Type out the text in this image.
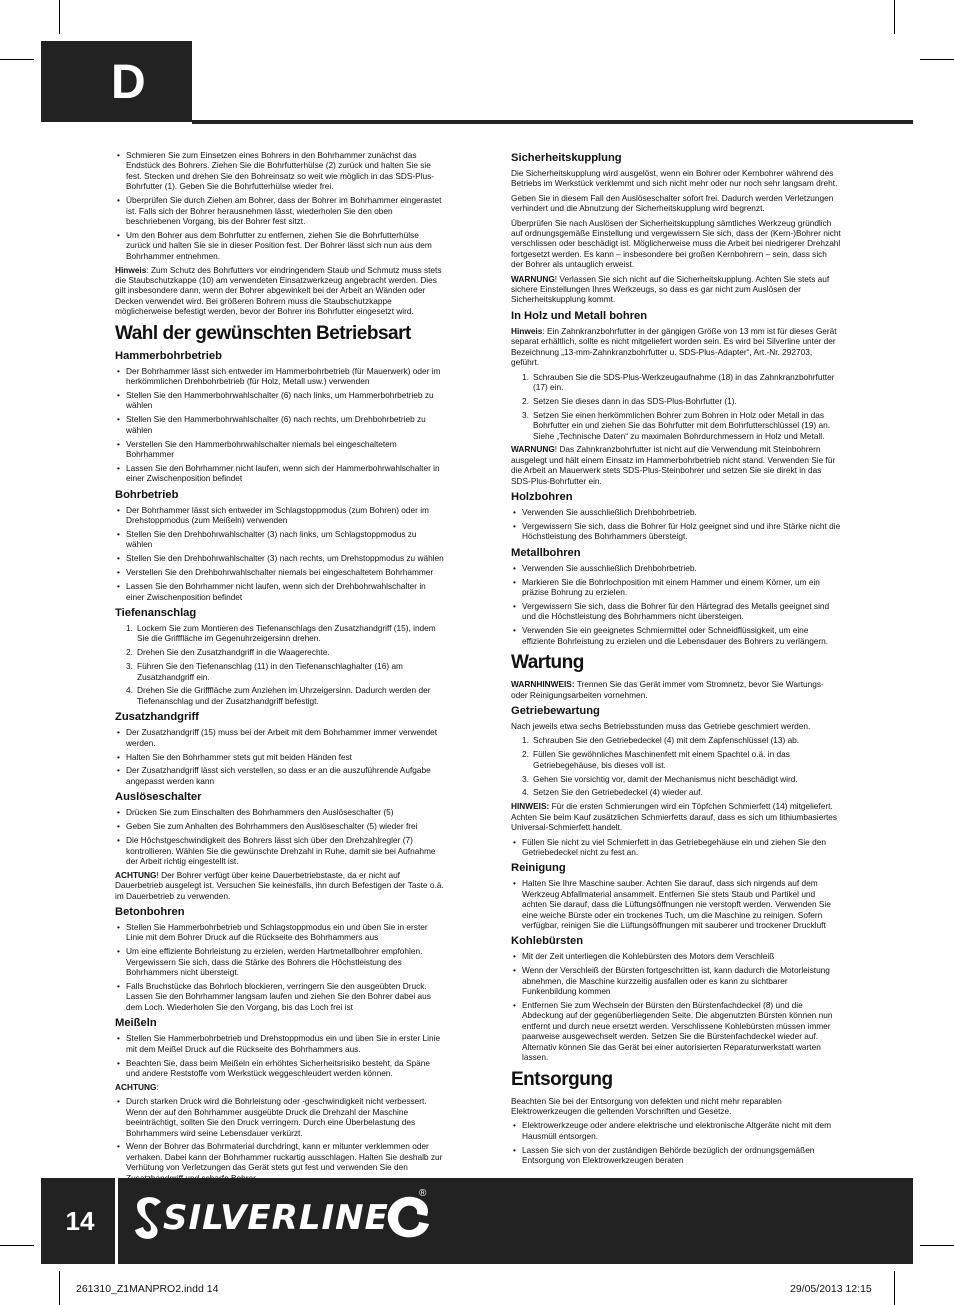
D
• Schmieren Sie zum Einsetzen eines Bohrers in den Bohrhammer zunächst das Endstück des Bohrers. Ziehen Sie die Bohrfutterhülse (2) zurück und halten Sie sie fest. Stecken und drehen Sie den Bohreinsatz so weit wie möglich in das SDS-Plus-Bohrfutter (1). Geben Sie die Bohrfutterhülse wieder frei.
• Überprüfen Sie durch Ziehen am Bohrer, dass der Bohrer im Bohrhammer eingerastet ist. Falls sich der Bohrer herausnehmen lässt, wiederholen Sie den oben beschriebenen Vorgang, bis der Bohrer fest sitzt.
• Um den Bohrer aus dem Bohrfutter zu entfernen, ziehen Sie die Bohrfutterhülse zurück und halten Sie sie in dieser Position fest. Der Bohrer lässt sich nun aus dem Bohrhammer entnehmen.

Hinweis: Zum Schutz des Bohrfutters vor eindringendem Staub und Schmutz muss stets die Staubschutzkappe (10) am verwendeten Einsatzwerkzeug angebracht werden. Dies gilt insbesondere dann, wenn der Bohrer abgewinkelt bei der Arbeit an Wänden oder Decken verwendet wird. Bei größeren Bohrern muss die Staubschutzkappe möglicherweise befestigt werden, bevor der Bohrer ins Bohrfutter eingesetzt wird.

Wahl der gewünschten Betriebsart
Hammerbohrbetrieb
• Der Bohrhammer lässt sich entweder im Hammerbohrbetrieb (für Mauerwerk) oder im herkömmlichen Drehbohrbetrieb (für Holz, Metall usw.) verwenden
• Stellen Sie den Hammerbohrwahlschalter (6) nach links, um Hammerbohrbetrieb zu wählen
• Stellen Sie den Hammerbohrwahlschalter (6) nach rechts, um Drehbohrbetrieb zu wählen
• Verstellen Sie den Hammerbohrwahlschalter niemals bei eingeschaltetem Bohrhammer
• Lassen Sie den Bohrhammer nicht laufen, wenn sich der Hammerbohrwahlschalter in einer Zwischenposition befindet
Bohrbetrieb
• Der Bohrhammer lässt sich entweder im Schlagstoppmodus (zum Bohren) oder im Drehstoppmodus (zum Meißeln) verwenden
• Stellen Sie den Drehbohrwahlschalter (3) nach links, um Schlagstoppmodus zu wählen
• Stellen Sie den Drehbohrwahlschalter (3) nach rechts, um Drehstoppmodus zu wählen
• Verstellen Sie den Drehbohrwahlschalter niemals bei eingeschaltetem Bohrhammer
• Lassen Sie den Bohrhammer nicht laufen, wenn sich der Drehbohrwahlschalter in einer Zwischenposition befindet
Tiefenanschlag
1. Lockern Sie zum Montieren des Tiefenanschlags den Zusatzhandgriff (15), indem Sie die Grifffläche im Gegenuhrzeigersinn drehen.
2. Drehen Sie den Zusatzhandgriff in die Waagerechte.
3. Führen Sie den Tiefenanschlag (11) in den Tiefenanschlaghalter (16) am Zusatzhandgriff ein.
4. Drehen Sie die Grifffläche zum Anziehen im Uhrzeigersinn. Dadurch werden der Tiefenanschlag und der Zusatzhandgriff befestigt.
Zusatzhandgriff
• Der Zusatzhandgriff (15) muss bei der Arbeit mit dem Bohrhammer immer verwendet werden.
• Halten Sie den Bohrhammer stets gut mit beiden Händen fest
• Der Zusatzhandgriff lässt sich verstellen, so dass er an die auszuführende Aufgabe angepasst werden kann
Auslöseschalter
• Drücken Sie zum Einschalten des Bohrhammers den Auslöseschalter (5)
• Geben Sie zum Anhalten des Bohrhammers den Auslöseschalter (5) wieder frei
• Die Höchstgeschwindigkeit des Bohrers lässt sich über den Drehzahlregler (7) kontrollieren. Wählen Sie die gewünschte Drehzahl in Ruhe, damit sie bei Aufnahme der Arbeit richtig eingestellt ist.

ACHTUNG! Der Bohrer verfügt über keine Dauerbetriebstaste, da er nicht auf Dauerbetrieb ausgelegt ist. Versuchen Sie keinesfalls, ihn durch Befestigen der Taste o.ä. im Dauerbetrieb zu verwenden.

Betonbohren
• Stellen Sie Hammerbohrbetrieb und Schlagstoppmodus ein und üben Sie in erster Linie mit dem Bohrer Druck auf die Rückseite des Bohrhammers aus
• Um eine effiziente Bohrleistung zu erzielen, werden Hartmetallbohrer empfohlen. Vergewissern Sie sich, dass die Stärke des Bohrers die Höchstleistung des Bohrhammers nicht übersteigt.
• Falls Bruchstücke das Bohrloch blockieren, verringern Sie den ausgeübten Druck. Lassen Sie den Bohrhammer langsam laufen und ziehen Sie den Bohrer dabei aus dem Loch. Wiederholen Sie den Vorgang, bis das Loch frei ist
Meißeln
• Stellen Sie Hammerbohrbetrieb und Drehstoppmodus ein und üben Sie in erster Linie mit dem Meißel Druck auf die Rückseite des Bohrhammers aus.
• Beachten Sie, dass beim Meißeln ein erhöhtes Sicherheitsrisiko besteht, da Späne und andere Reststoffe vom Werkstück weggeschleudert werden können.

ACHTUNG:

• Durch starken Druck wird die Bohrleistung oder -geschwindigkeit nicht verbessert. Wenn der auf den Bohrhammer ausgeübte Druck die Drehzahl der Maschine beeinträchtigt, sollten Sie den Druck verringern. Durch eine Überbelastung des Bohrhammers wird seine Lebensdauer verkürzt.
• Wenn der Bohrer das Bohrmaterial durchdringt, kann er mitunter verklemmen oder verhaken. Dabei kann der Bohrhammer ruckartig ausschlagen. Halten Sie deshalb zur Verhütung von Verletzungen das Gerät stets gut fest und verwenden Sie den
Sicherheitskupplung

Die Sicherheitskupplung wird ausgelöst, wenn ein Bohrer oder Kernbohrer während des Betriebs im Werkstück verklemmt und sich nicht mehr oder nur noch sehr langsam dreht.

Geben Sie in diesem Fall den Auslöseschalter sofort frei. Dadurch werden Verletzungen verhindert und die Abnutzung der Sicherheitskupplung wird begrenzt.

Überprüfen Sie nach Auslösen der Sicherheitskupplung sämtliches Werkzeug gründlich auf ordnungsgemäße Einstellung und vergewissern Sie sich, dass der (Kern-)Bohrer nicht verschlissen oder beschädigt ist. Möglicherweise muss die Arbeit bei niedrigerer Drehzahl fortgesetzt werden. Es kann – insbesondere bei großen Kernbohrern – sein, dass sich der Bohrer als untauglich erweist.

WARNUNG! Verlassen Sie sich nicht auf die Sicherheitskupplung. Achten Sie stets auf sichere Einstellungen Ihres Werkzeugs, so dass es gar nicht zum Auslösen der Sicherheitskupplung kommt.

In Holz und Metall bohren

Hinweis: Ein Zahnkranzbohrfutter in der gängigen Größe von 13 mm ist für dieses Gerät separat erhältlich, sollte es nicht mitgeliefert worden sein. Es wird bei Silverline unter der Bezeichnung „13-mm-Zahnkranzbohrfutter u. SDS-Plus-Adapter“, Art.-Nr. 292703, geführt.

1. Schrauben Sie die SDS-Plus-Werkzeugaufnahme (18) in das Zahnkranzbohrfutter (17) ein.
2. Setzen Sie dieses dann in das SDS-Plus-Bohrfutter (1).
3. Setzen Sie einen herkömmlichen Bohrer zum Bohren in Holz oder Metall in das Bohrfutter ein und ziehen Sie das Bohrfutter mit dem Bohrfutterschlüssel (19) an. Siehe „Technische Daten“ zu maximalen Bohrdurchmessern in Holz und Metall.

WARNUNG! Das Zahnkranzbohrfutter ist nicht auf die Verwendung mit Steinbohrern ausgelegt und hält einem Einsatz im Hammerbohrbetrieb nicht stand. Verwenden Sie für die Arbeit an Mauerwerk stets SDS-Plus-Steinbohrer und setzen Sie sie direkt in das SDS-Plus-Bohrfutter ein.

Holzbohren
• Verwenden Sie ausschließlich Drehbohrbetrieb.
• Vergewissern Sie sich, dass die Bohrer für Holz geeignet sind und ihre Stärke nicht die Höchstleistung des Bohrhammers übersteigt.
Metallbohren
• Verwenden Sie ausschließlich Drehbohrbetrieb.
• Markieren Sie die Bohrlochposition mit einem Hammer und einem Körner, um ein präzise Bohrung zu erzielen.
• Vergewissern Sie sich, dass die Bohrer für den Härtegrad des Metalls geeignet sind und die Höchstleistung des Bohrhammers nicht übersteigen.
• Verwenden Sie ein geeignetes Schmiermittel oder Schneidflüssigkeit, um eine effiziente Bohrleistung zu erzielen und die Lebensdauer des Bohrers zu verlängern.
Wartung

WARNHINWEIS: Trennen Sie das Gerät immer vom Stromnetz, bevor Sie Wartungs- oder Reinigungsarbeiten vornehmen.

Getriebewartung

Nach jeweils etwa sechs Betriebsstunden muss das Getriebe geschmiert werden.

1. Schrauben Sie den Getriebedeckel (4) mit dem Zapfenschlüssel (13) ab.
2. Füllen Sie gewöhnliches Maschinenfett mit einem Spachtel o.ä. in das Getriebegehäuse, bis dieses voll ist.
3. Gehen Sie vorsichtig vor, damit der Mechanismus nicht beschädigt wird.
4. Setzen Sie den Getriebedeckel (4) wieder auf.

HINWEIS: Für die ersten Schmierungen wird ein Töpfchen Schmierfett (14) mitgeliefert. Achten Sie beim Kauf zusätzlichen Schmierfetts darauf, dass es sich um lithiumbasiertes Universal-Schmierfett handelt.

• Füllen Sie nicht zu viel Schmierfett in das Getriebegehäuse ein und ziehen Sie den Getriebedeckel nicht zu fest an.
Reinigung
• Halten Sie Ihre Maschine sauber. Achten Sie darauf, dass sich nirgends auf dem Werkzeug Abfallmaterial ansammelt. Entfernen Sie stets Staub und Partikel und achten Sie darauf, dass die Lüftungsöffnungen nie verstopft werden. Verwenden Sie eine weiche Bürste oder ein trockenes Tuch, um die Maschine zu reinigen. Sofern verfügbar, reinigen Sie die Lüftungsöffnungen mit sauberer und trockener Druckluft
Kohlebürsten
• Mit der Zeit unterliegen die Kohlebürsten des Motors dem Verschleiß
• Wenn der Verschleiß der Bürsten fortgeschritten ist, kann dadurch die Motorleistung abnehmen, die Maschine kurzzeitig ausfallen oder es kann zu sichtbarer Funkenbildung kommen
• Entfernen Sie zum Wechseln der Bürsten den Bürstenfachdeckel (8) und die Abdeckung auf der gegenüberliegenden Seite. Die abgenutzten Bürsten können nun entfernt und durch neue ersetzt werden. Verschlissene Kohlebürsten müssen immer paarweise ausgewechselt werden. Setzen Sie die Bürstenfachdeckel wieder auf. Alternativ können Sie das Gerät bei einer autorisierten Reparaturwerkstatt warten lassen.
Entsorgung

Beachten Sie bei der Entsorgung von defekten und nicht mehr reparablen Elektrowerkzeugen die geltenden Vorschriften und Gesetze.

• Elektrowerkzeuge oder andere elektrische und elektronische Altgeräte nicht mit dem Hausmüll entsorgen.
• Lassen Sie sich von der zuständigen Behörde bezüglich der ordnungsgemäßen Entsorgung von Elektrowerkzeugen beraten
14	SILVERLINE
®
261310_Z1MANPRO2.indd 14	29/05/2013 12:15
